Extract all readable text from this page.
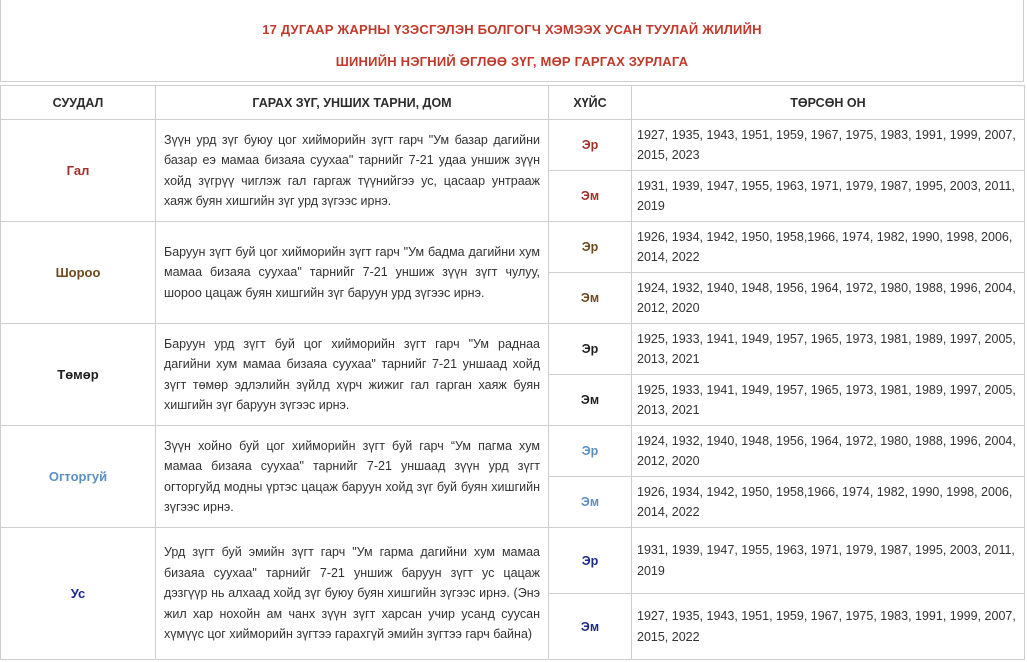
17 ДУГААР ЖАРНЫ ҮЗЭСГЭЛЭН БОЛГОГЧ ХЭМЭЭХ УСАН ТУУЛАЙ ЖИЛИЙН
ШИНИЙН НЭГНИЙ ӨГЛӨӨ ЗҮГ, МӨР ГАРГАХ ЗУРЛАГА
СУУДАЛ	ГАРАХ ЗҮГ, УНШИХ ТАРНИ, ДОМ	ХҮЙС	ТӨРСӨН ОН
Гал	Зүүн урд зүг буюу цог хийморийн зүгт гарч "Ум базар дагийни базар еэ мамаа бизаяа суухаа" тарнийг 7-21 удаа уншиж зүүн хойд зүгрүү чиглэж гал гаргаж түүнийгээ ус, цасаар унтрааж хаяж буян хишгийн зүг урд зүгээс ирнэ.	Эр	1927, 1935, 1943, 1951, 1959, 1967, 1975, 1983, 1991, 1999, 2007, 2015, 2023
		Эм	1931, 1939, 1947, 1955, 1963, 1971, 1979, 1987, 1995, 2003, 2011, 2019
Шороо	Баруун зүгт буй цог хийморийн зүгт гарч "Ум бадма дагийни хум мамаа бизаяа суухаа" тарнийг 7-21 уншиж зүүн зүгт чулуу, шороо цацаж буян хишгийн зүг баруун урд зүгээс ирнэ.	Эр	1926, 1934, 1942, 1950, 1958,1966, 1974, 1982, 1990, 1998, 2006, 2014, 2022
		Эм	1924, 1932, 1940, 1948, 1956, 1964, 1972, 1980, 1988, 1996, 2004, 2012, 2020
Төмөр	Баруун урд зүгт буй цог хийморийн зүгт гарч "Ум раднаа дагийни хум мамаа бизаяа суухаа" тарнийг 7-21 уншаад хойд зүгт төмөр эдлэлийн зүйлд хүрч жижиг гал гарган хаяж буян хишгийн зүг баруун зүгээс ирнэ.	Эр	1925, 1933, 1941, 1949, 1957, 1965, 1973, 1981, 1989, 1997, 2005, 2013, 2021
		Эм	1925, 1933, 1941, 1949, 1957, 1965, 1973, 1981, 1989, 1997, 2005, 2013, 2021
Огторгуй	Зүүн хойно буй цог хийморийн зүгт буй гарч “Ум пагма хум мамаа бизаяа суухаа" тарнийг 7-21 уншаад зүүн урд зүгт огторгуйд модны үртэс цацаж баруун хойд зүг буй буян хишгийн зүгээс ирнэ.	Эр	1924, 1932, 1940, 1948, 1956, 1964, 1972, 1980, 1988, 1996, 2004, 2012, 2020
		Эм	1926, 1934, 1942, 1950, 1958,1966, 1974, 1982, 1990, 1998, 2006, 2014, 2022
Ус	Урд зүгт буй эмийн зүгт гарч "Ум гарма дагийни хум мамаа бизаяа суухаа" тарнийг 7-21 уншиж баруун зүгт ус цацаж дэзгүүр нь алхаад хойд зүг буюу буян хишгийн зүгээс ирнэ. (Энэ жил хар нохойн ам чанх зүүн зүгт харсан учир усанд суусан хүмүүс цог хийморийн зүгтээ гарахгүй эмийн зүгтээ гарч байна)	Эр	1931, 1939, 1947, 1955, 1963, 1971, 1979, 1987, 1995, 2003, 2011, 2019
		Эм	1927, 1935, 1943, 1951, 1959, 1967, 1975, 1983, 1991, 1999, 2007, 2015, 2022
